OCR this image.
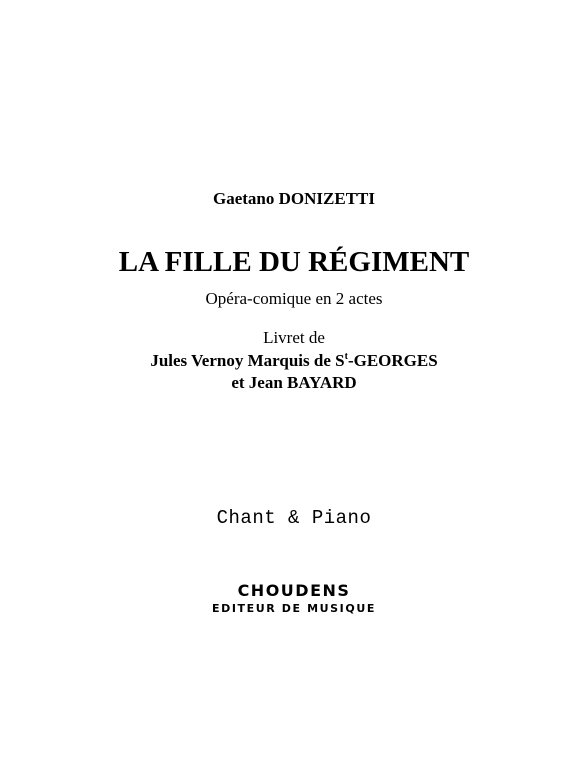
Gaetano DONIZETTI
LA FILLE DU RÉGIMENT
Opéra-comique en 2 actes
Livret de
Jules Vernoy Marquis de $S^t$-GEORGES
et Jean BAYARD
Chant & Piano
CHOUDENS
EDITEUR DE MUSIQUE
